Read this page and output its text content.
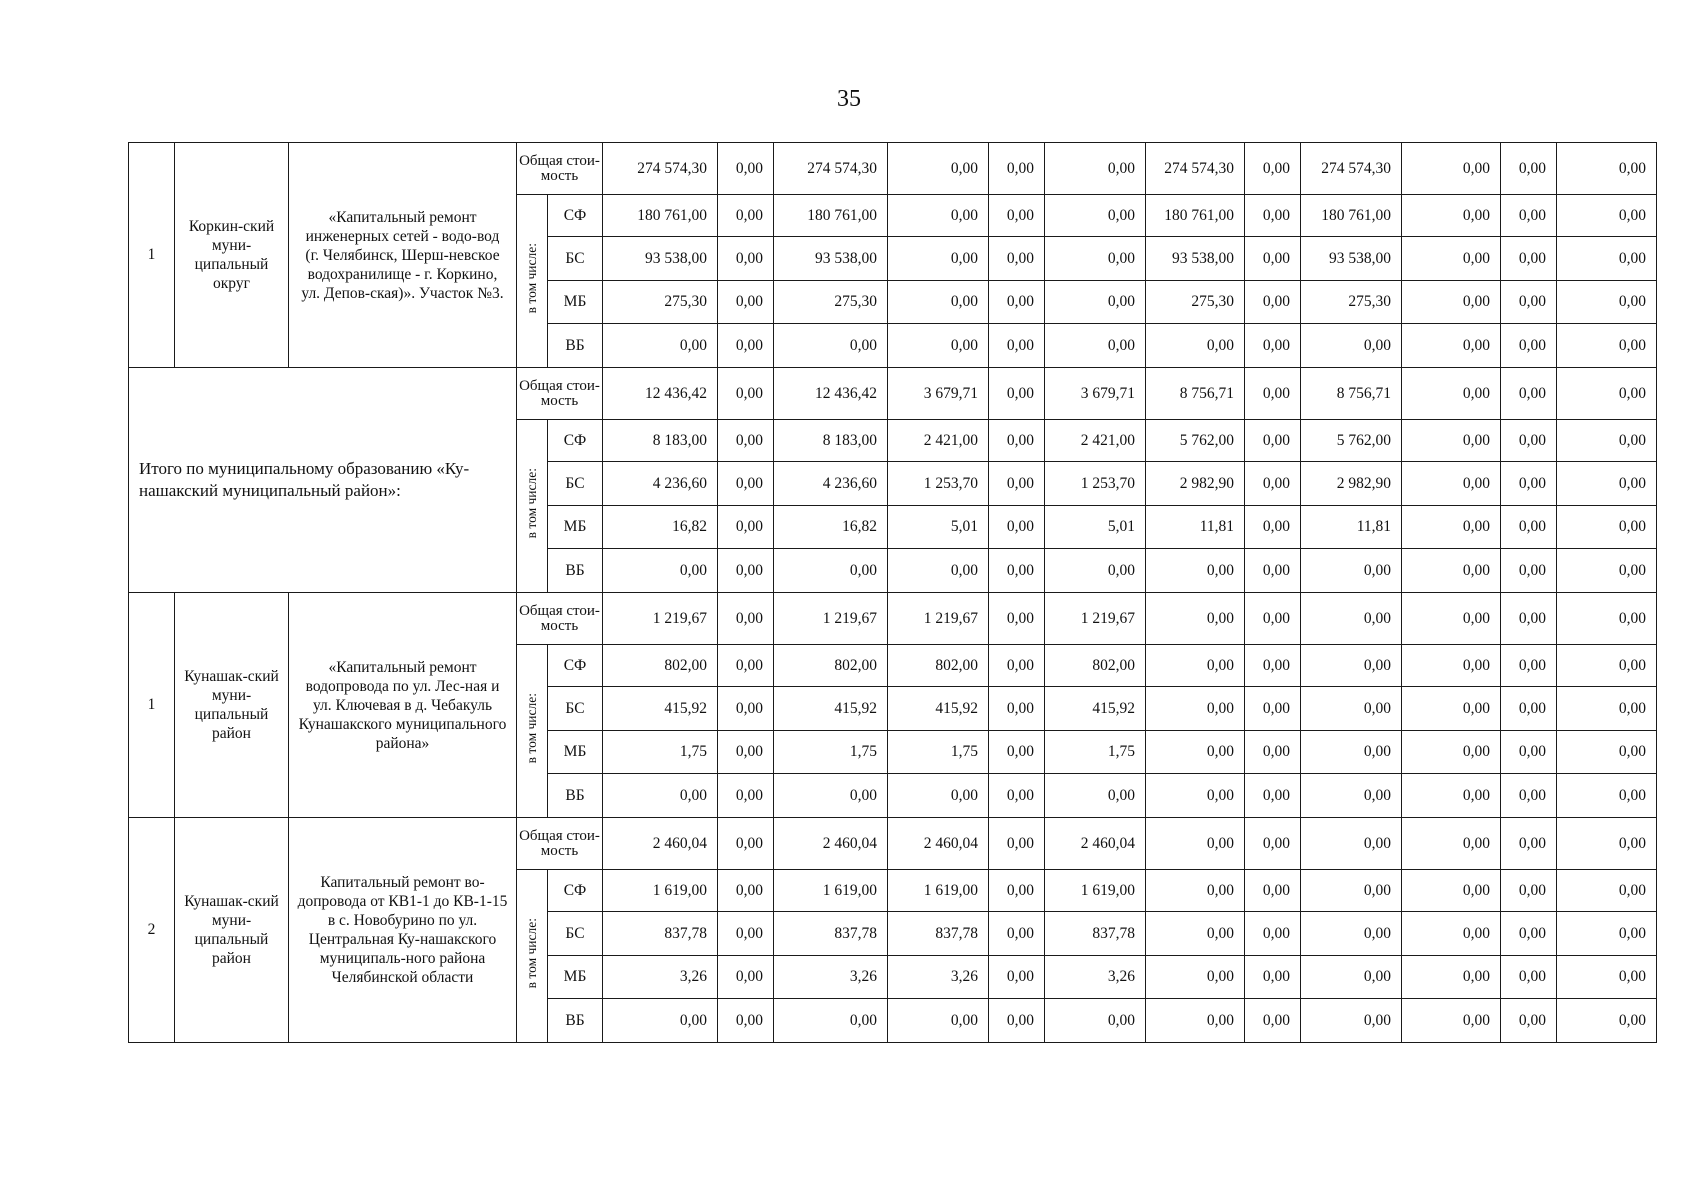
35
1	Коркин-ский муни-ципальный округ	«Капитальный ремонт инженерных сетей - водо-вод (г. Челябинск, Шерш-невское водохранилище - г. Коркино, ул. Депов-ская)». Участок №3.	Общая стои-мость		274 574,30	0,00	274 574,30	0,00	0,00	0,00	274 574,30	0,00	274 574,30	0,00	0,00	0,00
			в том числе:	СФ	180 761,00	0,00	180 761,00	0,00	0,00	0,00	180 761,00	0,00	180 761,00	0,00	0,00	0,00
				БС	93 538,00	0,00	93 538,00	0,00	0,00	0,00	93 538,00	0,00	93 538,00	0,00	0,00	0,00
				МБ	275,30	0,00	275,30	0,00	0,00	0,00	275,30	0,00	275,30	0,00	0,00	0,00
				ВБ	0,00	0,00	0,00	0,00	0,00	0,00	0,00	0,00	0,00	0,00	0,00	0,00
Итого по муниципальному образованию «Ку-нашакский муниципальный район»:			Общая стои-мость		12 436,42	0,00	12 436,42	3 679,71	0,00	3 679,71	8 756,71	0,00	8 756,71	0,00	0,00	0,00
			в том числе:	СФ	8 183,00	0,00	8 183,00	2 421,00	0,00	2 421,00	5 762,00	0,00	5 762,00	0,00	0,00	0,00
				БС	4 236,60	0,00	4 236,60	1 253,70	0,00	1 253,70	2 982,90	0,00	2 982,90	0,00	0,00	0,00
				МБ	16,82	0,00	16,82	5,01	0,00	5,01	11,81	0,00	11,81	0,00	0,00	0,00
				ВБ	0,00	0,00	0,00	0,00	0,00	0,00	0,00	0,00	0,00	0,00	0,00	0,00
1	Кунашак-ский муни-ципальный район	«Капитальный ремонт водопровода по ул. Лес-ная и ул. Ключевая в д. Чебакуль Кунашакского муниципального района»	Общая стои-мость		1 219,67	0,00	1 219,67	1 219,67	0,00	1 219,67	0,00	0,00	0,00	0,00	0,00	0,00
			в том числе:	СФ	802,00	0,00	802,00	802,00	0,00	802,00	0,00	0,00	0,00	0,00	0,00	0,00
				БС	415,92	0,00	415,92	415,92	0,00	415,92	0,00	0,00	0,00	0,00	0,00	0,00
				МБ	1,75	0,00	1,75	1,75	0,00	1,75	0,00	0,00	0,00	0,00	0,00	0,00
				ВБ	0,00	0,00	0,00	0,00	0,00	0,00	0,00	0,00	0,00	0,00	0,00	0,00
2	Кунашак-ский муни-ципальный район	Капитальный ремонт во-допровода от КВ1-1 до КВ-1-15 в с. Новобурино по ул. Центральная Ку-нашакского муниципаль-ного района Челябинской области	Общая стои-мость		2 460,04	0,00	2 460,04	2 460,04	0,00	2 460,04	0,00	0,00	0,00	0,00	0,00	0,00
			в том числе:	СФ	1 619,00	0,00	1 619,00	1 619,00	0,00	1 619,00	0,00	0,00	0,00	0,00	0,00	0,00
				БС	837,78	0,00	837,78	837,78	0,00	837,78	0,00	0,00	0,00	0,00	0,00	0,00
				МБ	3,26	0,00	3,26	3,26	0,00	3,26	0,00	0,00	0,00	0,00	0,00	0,00
				ВБ	0,00	0,00	0,00	0,00	0,00	0,00	0,00	0,00	0,00	0,00	0,00	0,00
